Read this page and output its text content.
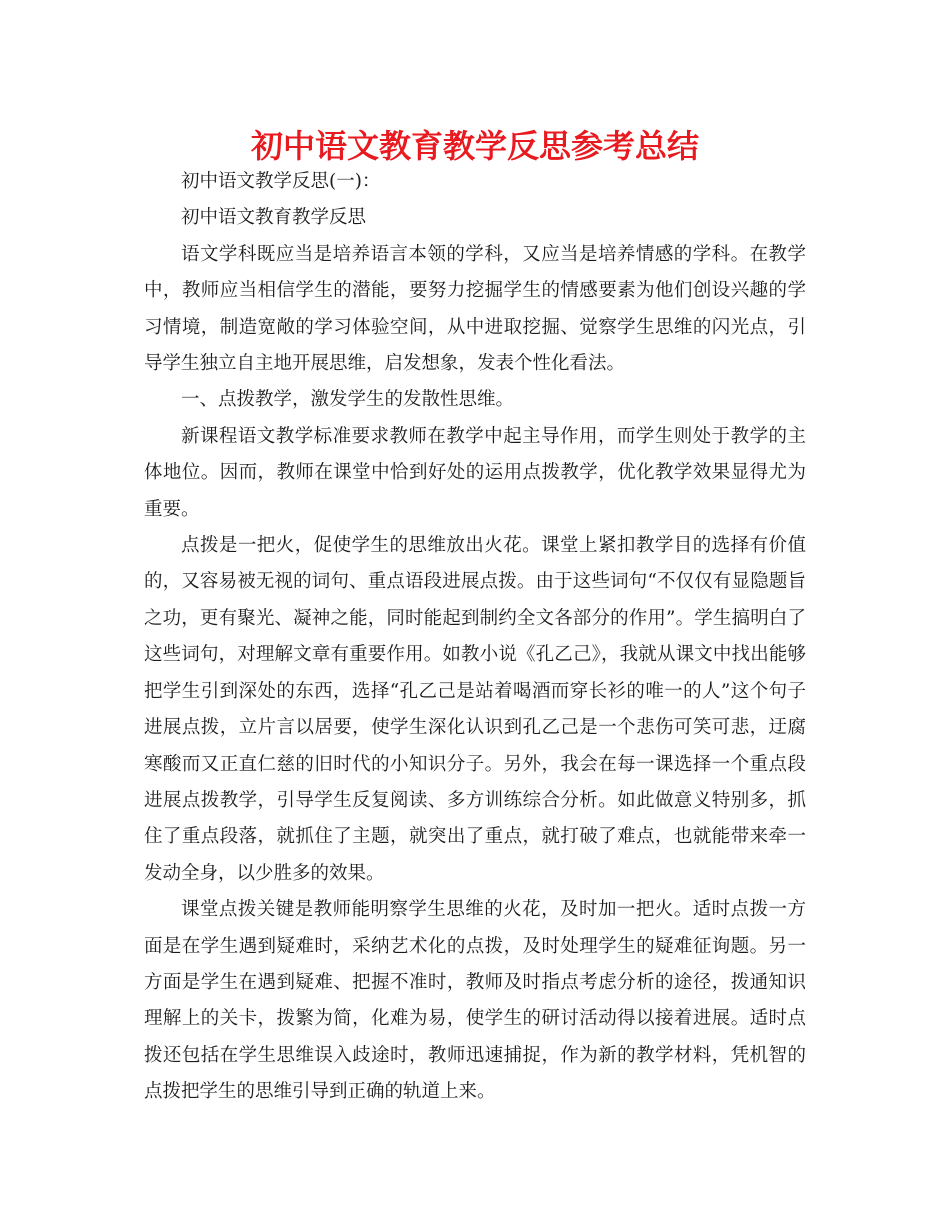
初中语文教育教学反思参考总结

初中语文教学反思(一)：

初中语文教育教学反思

语文学科既应当是培养语言本领的学科，又应当是培养情感的学科。在教学中，教师应当相信学生的潜能，要努力挖掘学生的情感要素为他们创设兴趣的学习情境，制造宽敞的学习体验空间，从中进取挖掘、觉察学生思维的闪光点，引导学生独立自主地开展思维，启发想象，发表个性化看法。

一、点拨教学，激发学生的发散性思维。

新课程语文教学标准要求教师在教学中起主导作用，而学生则处于教学的主体地位。因而，教师在课堂中恰到好处的运用点拨教学，优化教学效果显得尤为重要。

点拨是一把火，促使学生的思维放出火花。课堂上紧扣教学目的选择有价值的，又容易被无视的词句、重点语段进展点拨。由于这些词句“不仅仅有显隐题旨之功，更有聚光、凝神之能，同时能起到制约全文各部分的作用”。学生搞明白了这些词句，对理解文章有重要作用。如教小说《孔乙己》，我就从课文中找出能够把学生引到深处的东西，选择“孔乙己是站着喝酒而穿长衫的唯一的人”这个句子进展点拨，立片言以居要，使学生深化认识到孔乙己是一个悲伤可笑可悲，迂腐寒酸而又正直仁慈的旧时代的小知识分子。另外，我会在每一课选择一个重点段进展点拨教学，引导学生反复阅读、多方训练综合分析。如此做意义特别多，抓住了重点段落，就抓住了主题，就突出了重点，就打破了难点，也就能带来牵一发动全身，以少胜多的效果。

课堂点拨关键是教师能明察学生思维的火花，及时加一把火。适时点拨一方面是在学生遇到疑难时，采纳艺术化的点拨，及时处理学生的疑难征询题。另一方面是学生在遇到疑难、把握不准时，教师及时指点考虑分析的途径，拨通知识理解上的关卡，拨繁为简，化难为易，使学生的研讨活动得以接着进展。适时点拨还包括在学生思维误入歧途时，教师迅速捕捉，作为新的教学材料，凭机智的点拨把学生的思维引导到正确的轨道上来。
